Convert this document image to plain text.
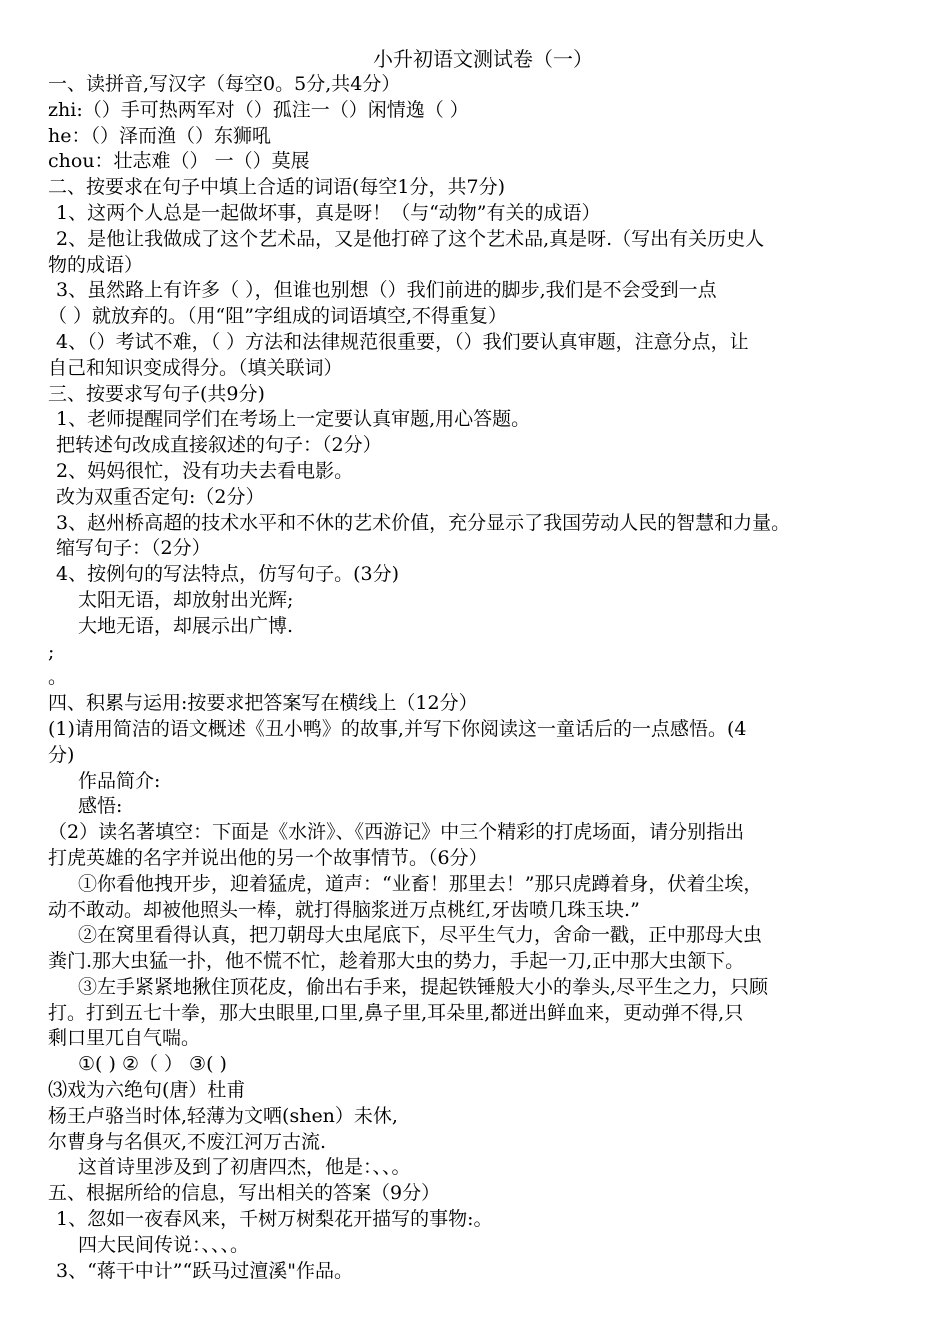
小升初语文测试卷（一）
一、读拼音,写汉字（每空0。5分,共4分）
zhi:（）手可热两军对（）孤注一（）闲情逸（ ）
he：（）泽而渔（）东狮吼
chou：壮志难（） 一（）莫展
二、按要求在句子中填上合适的词语(每空1分，共7分)
1、这两个人总是一起做坏事，真是呀！（与“动物”有关的成语）
2、是他让我做成了这个艺术品，又是他打碎了这个艺术品,真是呀.（写出有关历史人
物的成语）
3、虽然路上有许多（ ），但谁也别想（）我们前进的脚步,我们是不会受到一点
（ ）就放弃的。（用“阻”字组成的词语填空,不得重复）
4、（）考试不难，（ ）方法和法律规范很重要，（）我们要认真审题，注意分点，让
自己和知识变成得分。（填关联词）
三、按要求写句子(共9分)
1、老师提醒同学们在考场上一定要认真审题,用心答题。
把转述句改成直接叙述的句子：（2分）
2、妈妈很忙，没有功夫去看电影。
改为双重否定句:（2分）
3、赵州桥高超的技术水平和不休的艺术价值，充分显示了我国劳动人民的智慧和力量。
缩写句子：（2分）
4、按例句的写法特点，仿写句子。(3分)
太阳无语，却放射出光辉;
大地无语，却展示出广博.
;
。
四、积累与运用:按要求把答案写在横线上（12分）
(1)请用简洁的语文概述《丑小鸭》的故事,并写下你阅读这一童话后的一点感悟。(4
分)
作品简介:
感悟:
（2）读名著填空：下面是《水浒》、《西游记》中三个精彩的打虎场面，请分别指出
打虎英雄的名字并说出他的另一个故事情节。（6分）
①你看他拽开步，迎着猛虎，道声：“业畜！那里去！”那只虎蹲着身，伏着尘埃，
动不敢动。却被他照头一棒，就打得脑浆迸万点桃红,牙齿喷几珠玉块.”
②在窝里看得认真，把刀朝母大虫尾底下，尽平生气力，舍命一戳，正中那母大虫
粪门.那大虫猛一扑，他不慌不忙，趁着那大虫的势力，手起一刀,正中那大虫颔下。
③左手紧紧地揪住顶花皮，偷出右手来，提起铁锤般大小的拳头,尽平生之力，只顾
打。打到五七十拳，那大虫眼里,口里,鼻子里,耳朵里,都迸出鲜血来，更动弹不得,只
剩口里兀自气喘。
①( ) ②（ ） ③( )
⑶戏为六绝句(唐）杜甫
杨王卢骆当时体,轻薄为文哂(shen）未休,
尔曹身与名俱灭,不废江河万古流.
这首诗里涉及到了初唐四杰，他是：、、。
五、根据所给的信息，写出相关的答案（9分）
1、忽如一夜春风来，千树万树梨花开描写的事物:。
四大民间传说：、、、。
3、“蒋干中计”“跃马过澶溪"作品。
